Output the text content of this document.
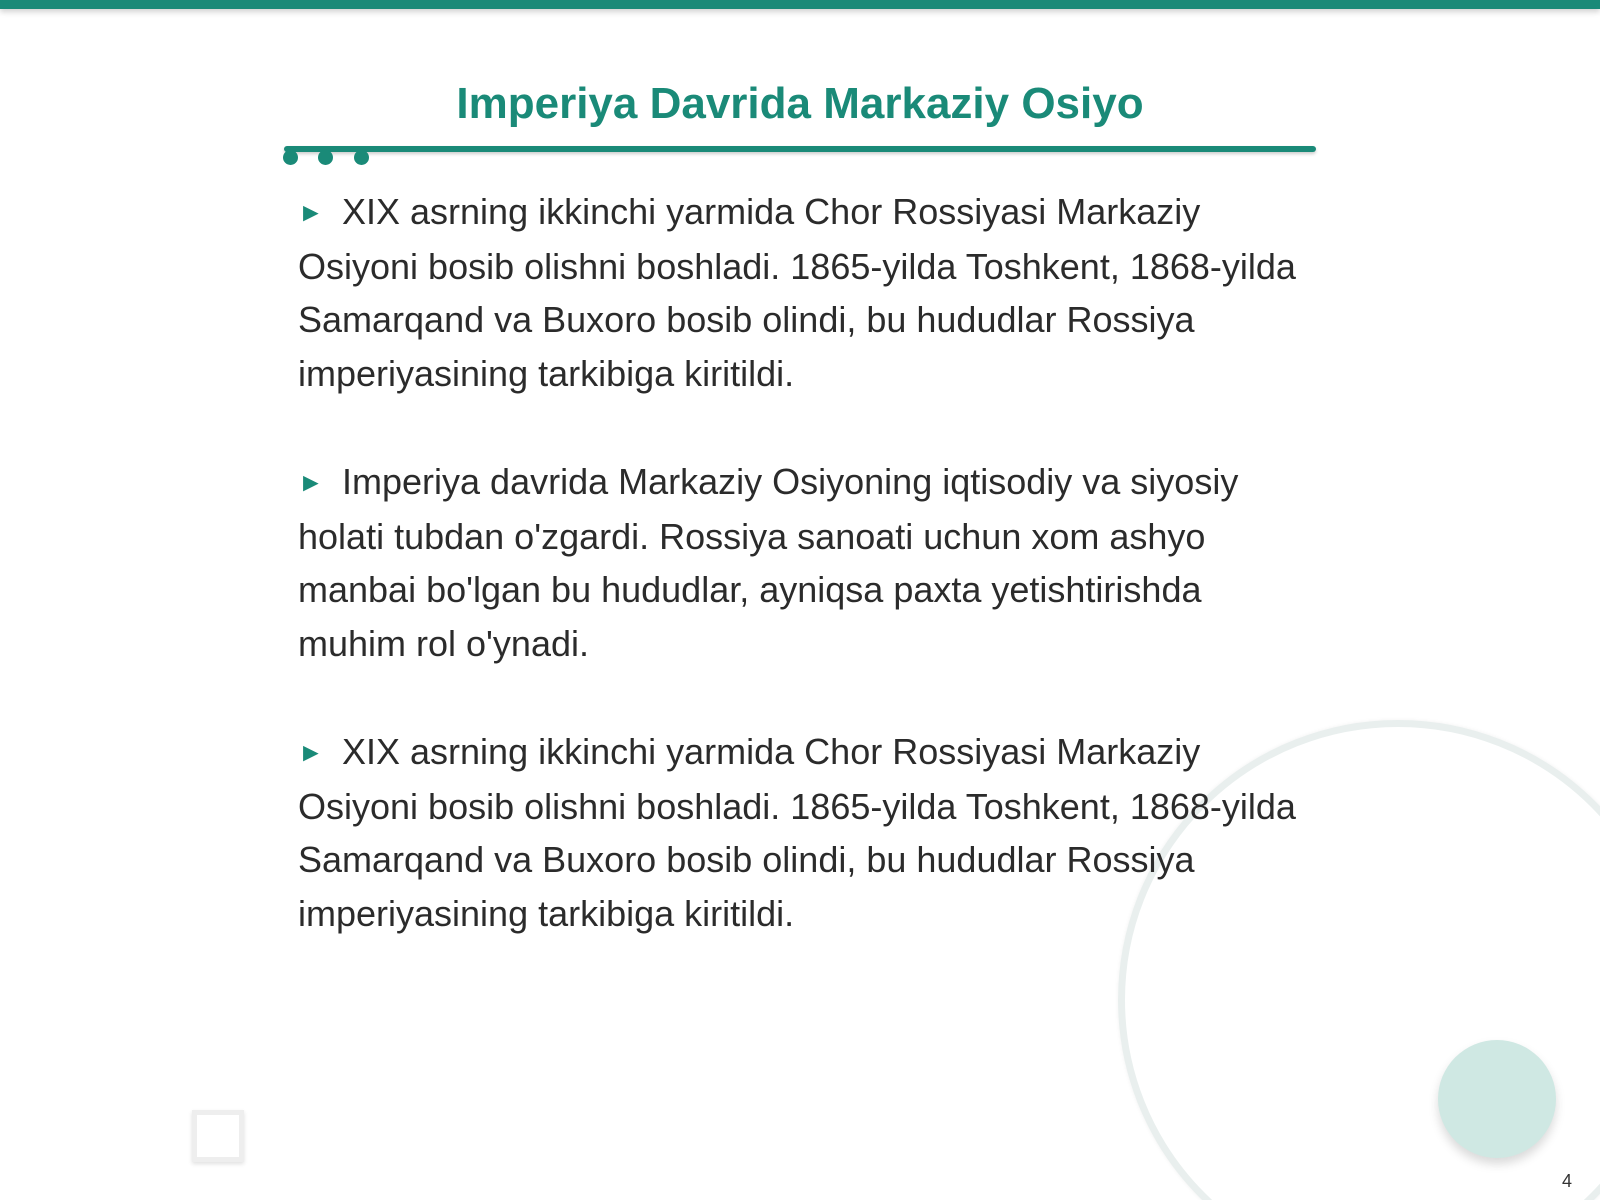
Imperiya Davrida Markaziy Osiyo

► XIX asrning ikkinchi yarmida Chor Rossiyasi Markaziy Osiyoni bosib olishni boshladi. 1865-yilda Toshkent, 1868-yilda Samarqand va Buxoro bosib olindi, bu hududlar Rossiya imperiyasining tarkibiga kiritildi.

► Imperiya davrida Markaziy Osiyoning iqtisodiy va siyosiy holati tubdan o'zgardi. Rossiya sanoati uchun xom ashyo manbai bo'lgan bu hududlar, ayniqsa paxta yetishtirishda muhim rol o'ynadi.

► XIX asrning ikkinchi yarmida Chor Rossiyasi Markaziy Osiyoni bosib olishni boshladi. 1865-yilda Toshkent, 1868-yilda Samarqand va Buxoro bosib olindi, bu hududlar Rossiya imperiyasining tarkibiga kiritildi.

4
